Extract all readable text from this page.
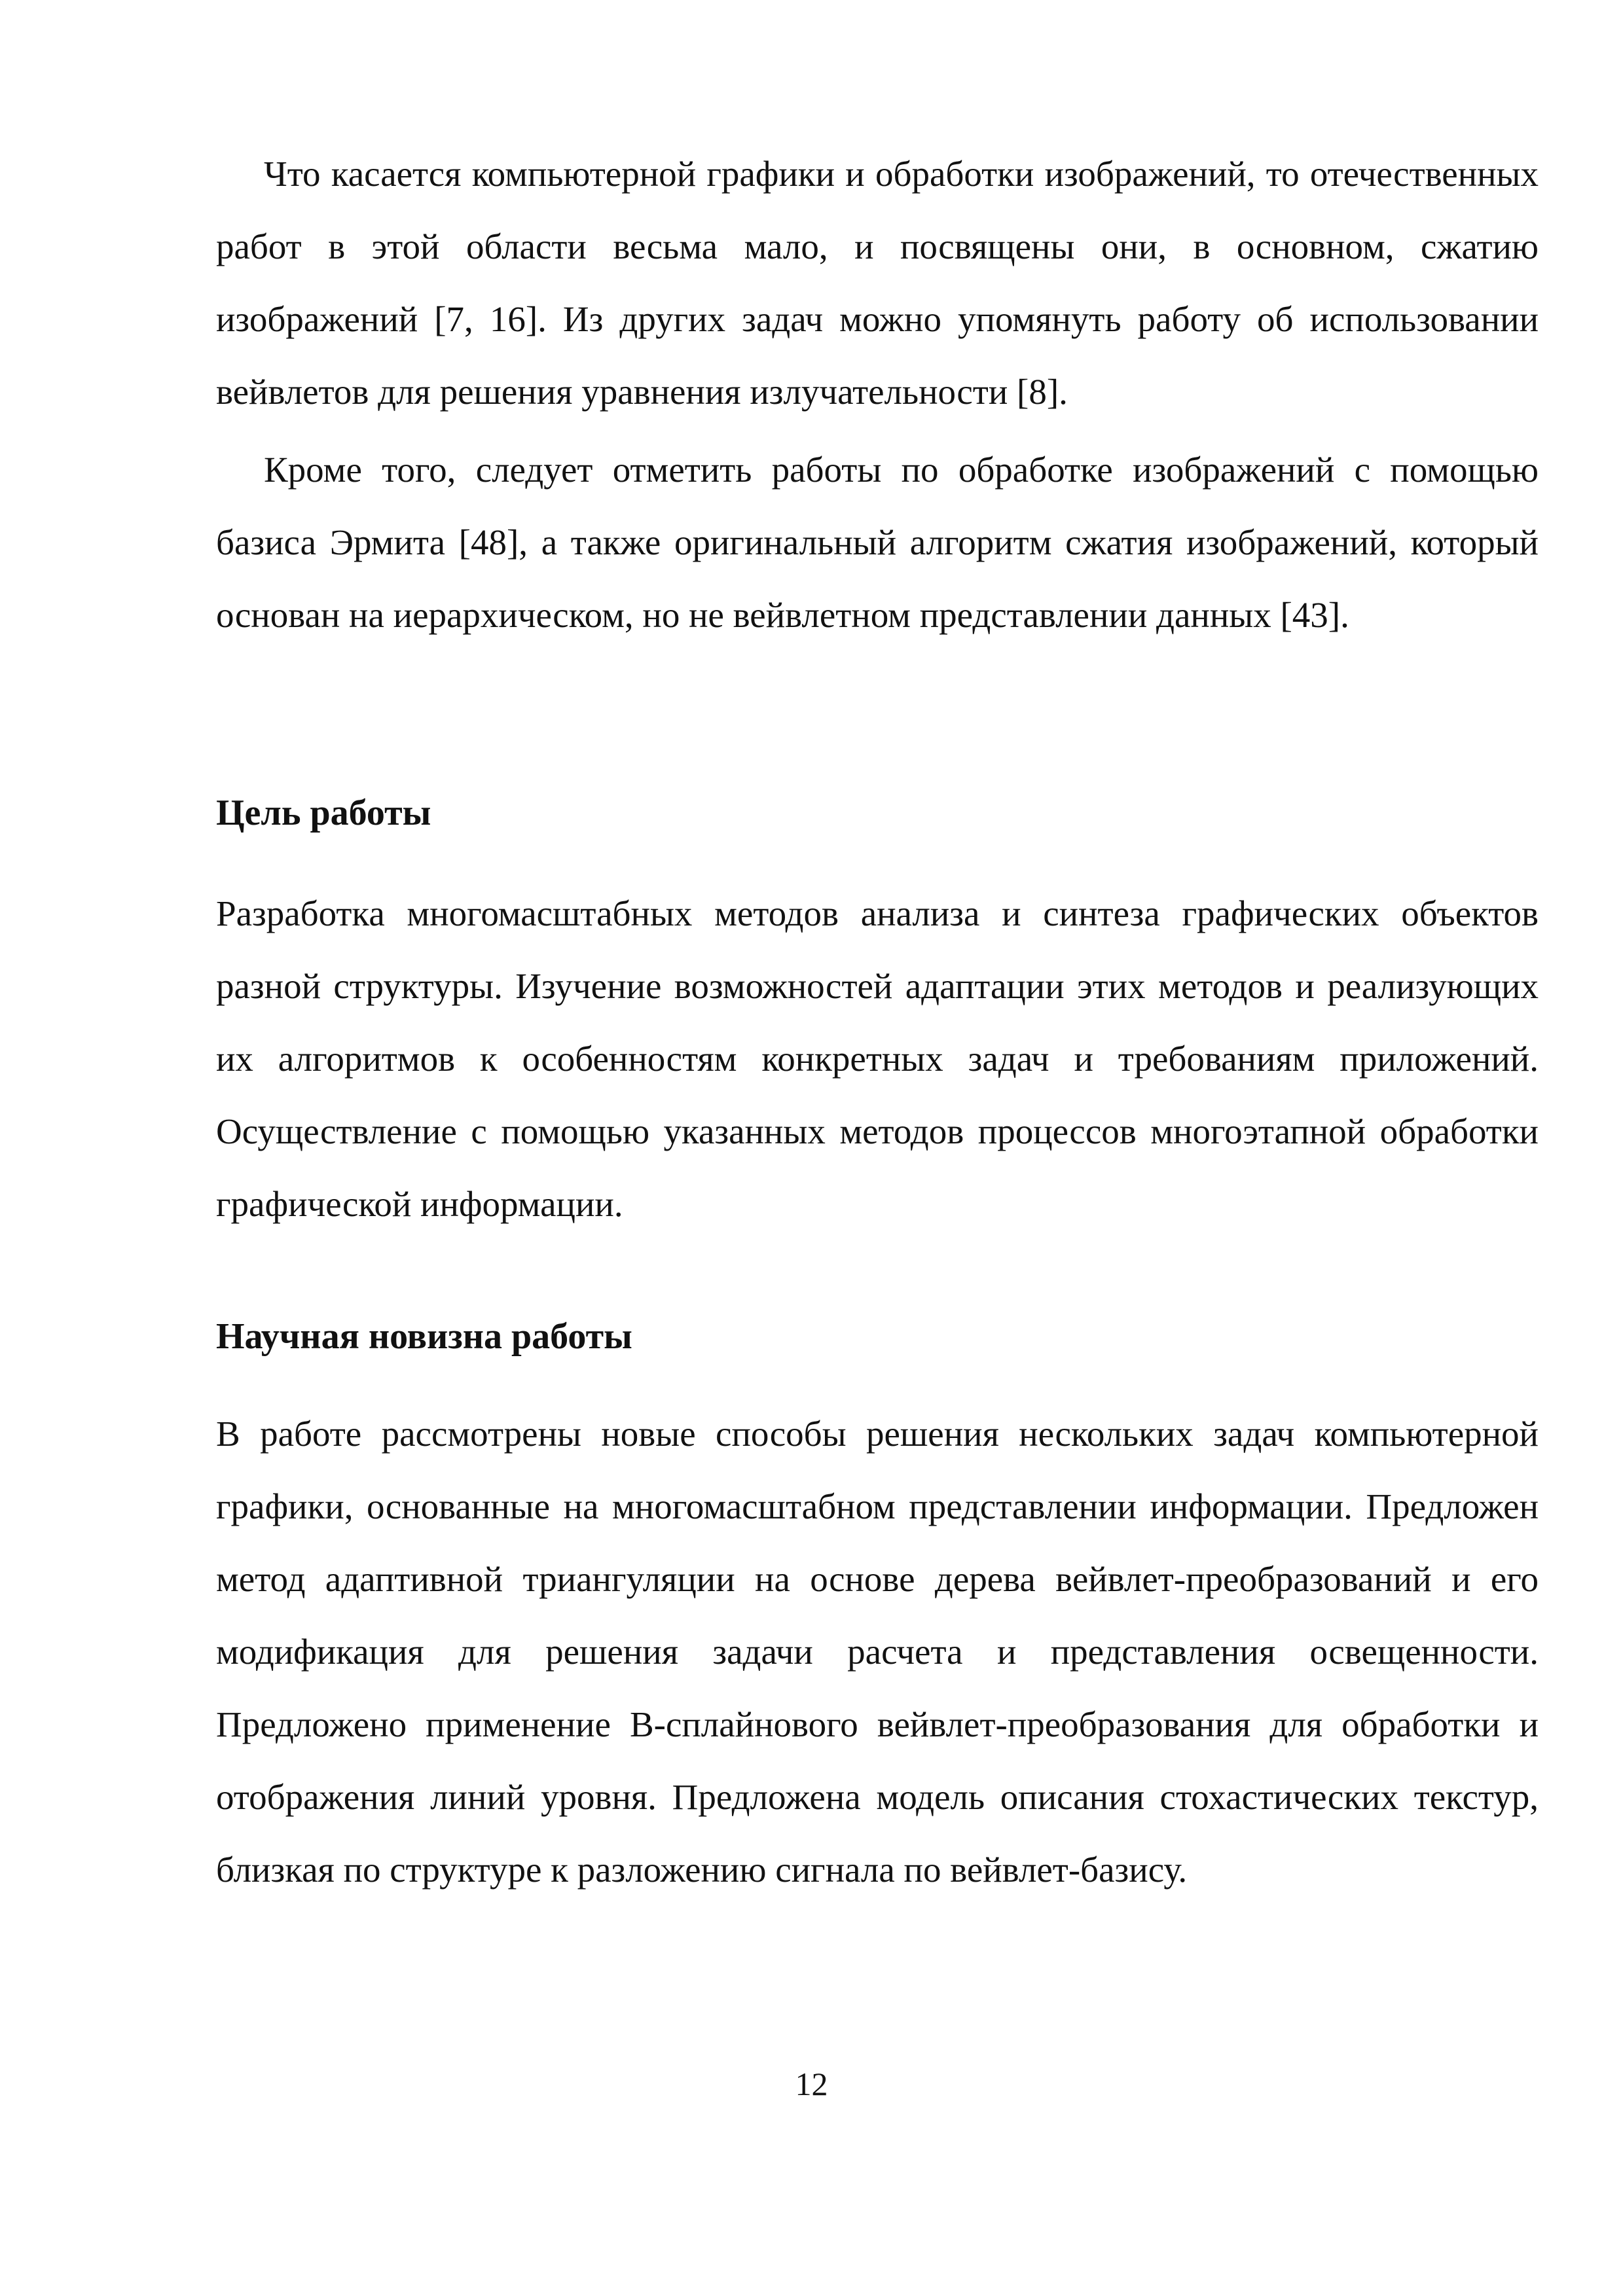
Что касается компьютерной графики и обработки изображений, то отечественных работ в этой области весьма мало, и посвящены они, в основном, сжатию изображений [7, 16]. Из других задач можно упомянуть работу об использовании вейвлетов для решения уравнения излучательности [8].

Кроме того, следует отметить работы по обработке изображений с помощью базиса Эрмита [48], а также оригинальный алгоритм сжатия изображений, который основан на иерархическом, но не вейвлетном представлении данных [43].

Цель работы

Разработка многомасштабных методов анализа и синтеза графических объектов разной структуры. Изучение возможностей адаптации этих методов и реализующих их алгоритмов к особенностям конкретных задач и требованиям приложений. Осуществление с помощью указанных методов процессов многоэтапной обработки графической информации.

Научная новизна работы

В работе рассмотрены новые способы решения нескольких задач компьютерной графики, основанные на многомасштабном представлении информации. Предложен метод адаптивной триангуляции на основе дерева вейвлет-преобразований и его модификация для решения задачи расчета и представления освещенности. Предложено применение B-сплайнового вейвлет-преобразования для обработки и отображения линий уровня. Предложена модель описания стохастических текстур, близкая по структуре к разложению сигнала по вейвлет-базису.

12
